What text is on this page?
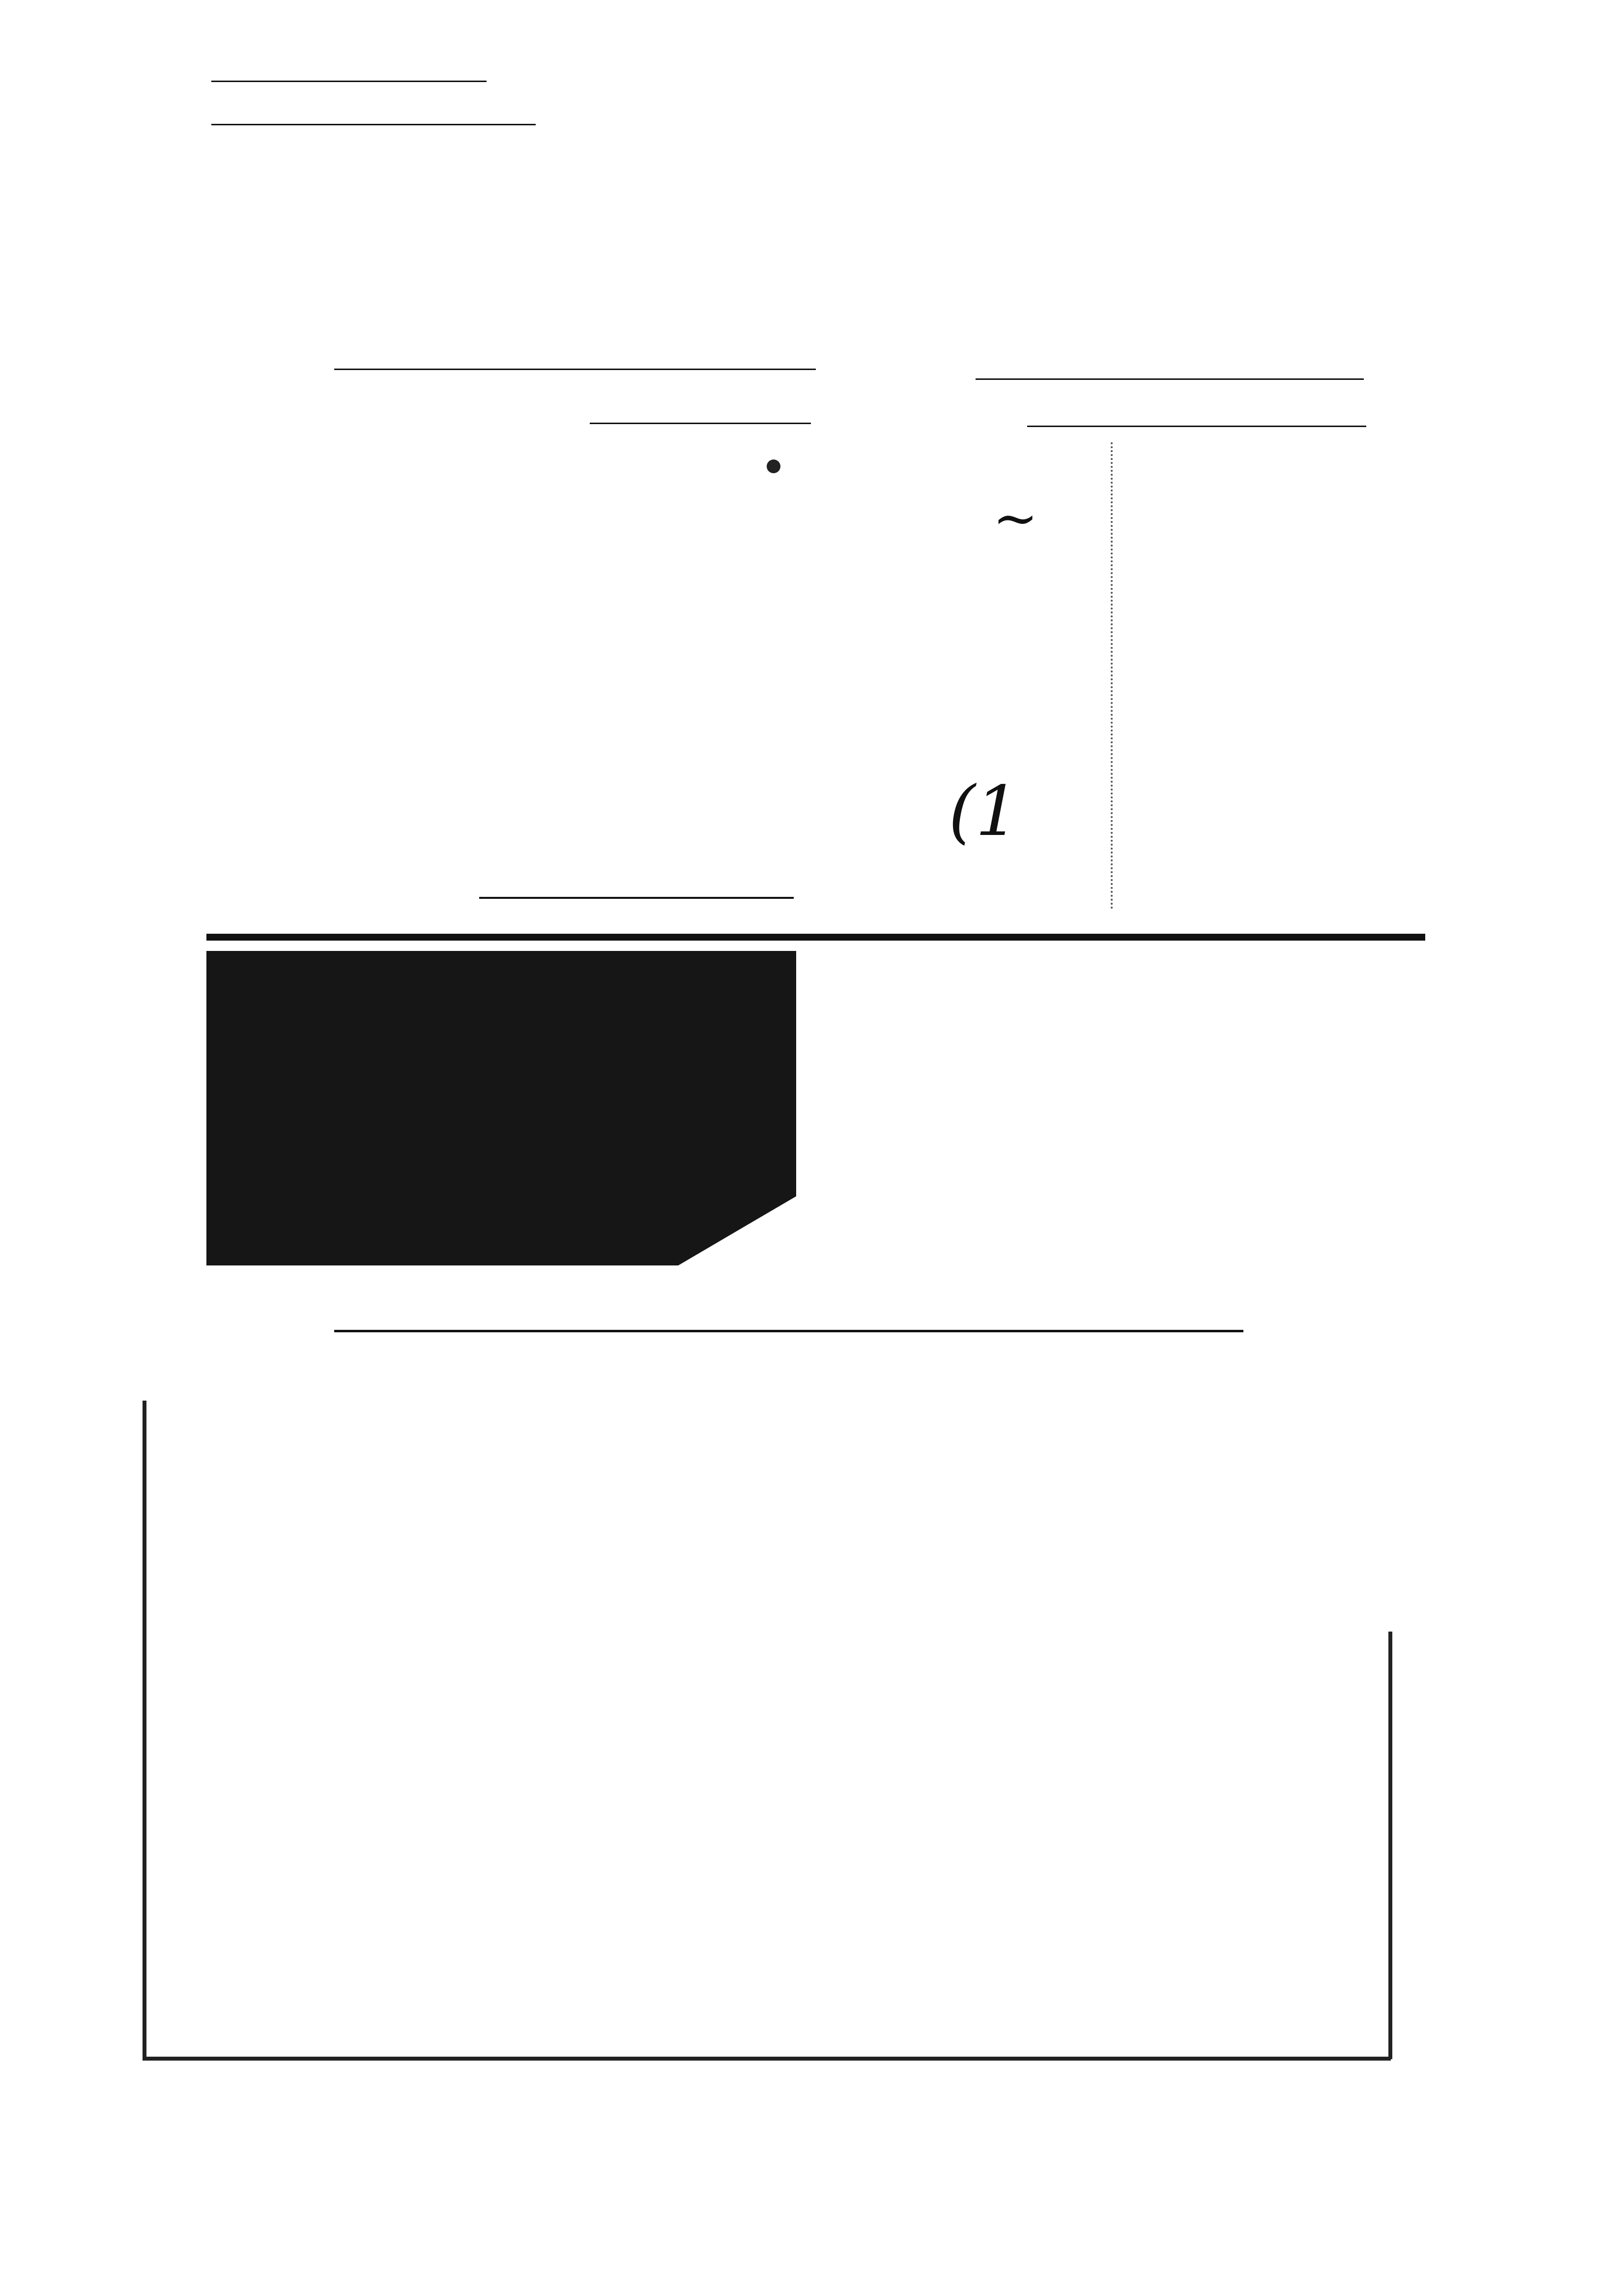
~
(1
